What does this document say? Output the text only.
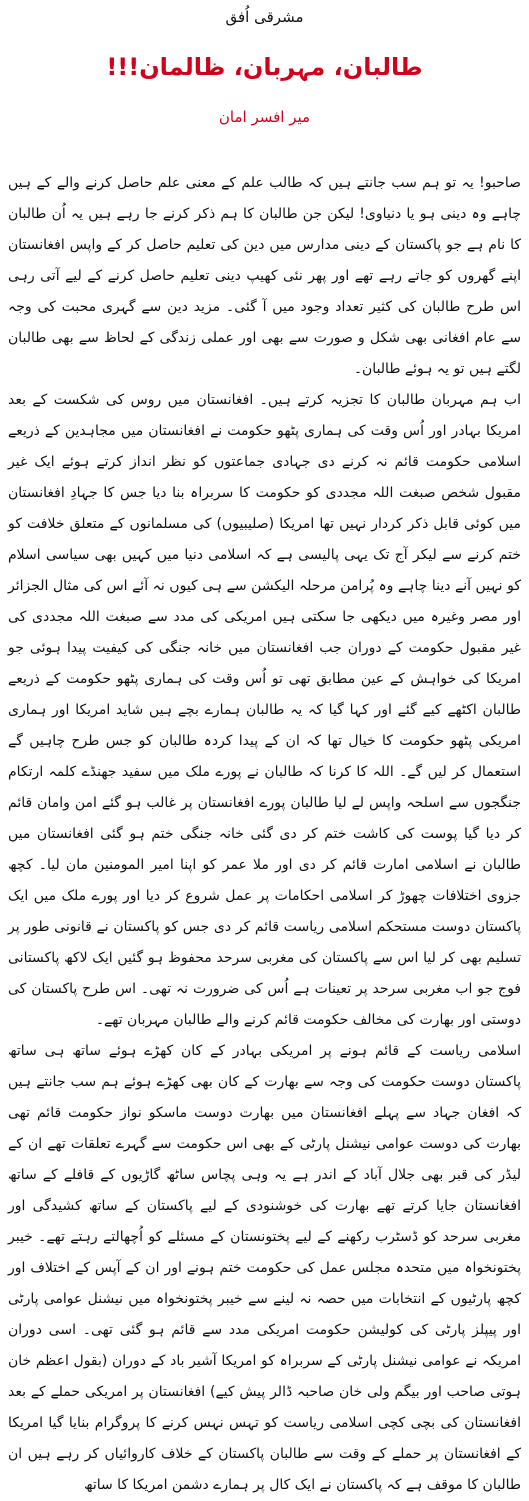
مشرقی اُفق
طالبان، مہربان، ظالمان!!!
میر افسر امان

صاحبو! یہ تو ہم سب جانتے ہیں کہ طالب علم کے معنی علم حاصل کرنے والے کے ہیں چاہے وہ دینی ہو یا دنیاوی! لیکن جن طالبان کا ہم ذکر کرنے جا رہے ہیں یہ اُن طالبان کا نام ہے جو پاکستان کے دینی مدارس میں دین کی تعلیم حاصل کر کے واپس افغانستان اپنے گھروں کو جاتے رہے تھے اور پھر نئی کھیپ دینی تعلیم حاصل کرنے کے لیے آتی رہی اس طرح طالبان کی کثیر تعداد وجود میں آ گئی۔ مزید دین سے گہری محبت کی وجہ سے عام افغانی بھی شکل و صورت سے بھی اور عملی زندگی کے لحاظ سے بھی طالبان لگتے ہیں تو یہ ہوئے طالبان۔

اب ہم مہربان طالبان کا تجزیہ کرتے ہیں۔ افغانستان میں روس کی شکست کے بعد امریکا بہادر اور اُس وقت کی ہماری پٹھو حکومت نے افغانستان میں مجاہدین کے ذریعے اسلامی حکومت قائم نہ کرنے دی جہادی جماعتوں کو نظر انداز کرتے ہوئے ایک غیر مقبول شخص صبغت اللہ مجددی کو حکومت کا سربراہ بنا دیا جس کا جہادِ افغانستان میں کوئی قابل ذکر کردار نہیں تھا امریکا (صلیبیوں) کی مسلمانوں کے متعلق خلافت کو ختم کرنے سے لیکر آج تک یہی پالیسی ہے کہ اسلامی دنیا میں کہیں بھی سیاسی اسلام کو نہیں آنے دینا چاہے وہ پُرامن مرحلہ الیکشن سے ہی کیوں نہ آئے اس کی مثال الجزائر اور مصر وغیرہ میں دیکھی جا سکتی ہیں امریکی کی مدد سے صبغت اللہ مجددی کی غیر مقبول حکومت کے دوران جب افغانستان میں خانہ جنگی کی کیفیت پیدا ہوئی جو امریکا کی خواہش کے عین مطابق تھی تو اُس وقت کی ہماری پٹھو حکومت کے ذریعے طالبان اکٹھے کیے گئے اور کہا گیا کہ یہ طالبان ہمارے بچے ہیں شاید امریکا اور ہماری امریکی پٹھو حکومت کا خیال تھا کہ ان کے پیدا کردہ طالبان کو جس طرح چاہیں گے استعمال کر لیں گے۔ اللہ کا کرنا کہ طالبان نے پورے ملک میں سفید جھنڈے کلمہ ارتکام جنگجوں سے اسلحہ واپس لے لیا طالبان پورے افغانستان پر غالب ہو گئے امن وامان قائم کر دیا گیا پوست کی کاشت ختم کر دی گئی خانہ جنگی ختم ہو گئی افغانستان میں طالبان نے اسلامی امارت قائم کر دی اور ملا عمر کو اپنا امیر المومنین مان لیا۔ کچھ جزوی اختلافات چھوڑ کر اسلامی احکامات پر عمل شروع کر دیا اور پورے ملک میں ایک پاکستان دوست مستحکم اسلامی ریاست قائم کر دی جس کو پاکستان نے قانونی طور پر تسلیم بھی کر لیا اس سے پاکستان کی مغربی سرحد محفوظ ہو گئیں ایک لاکھ پاکستانی فوج جو اب مغربی سرحد پر تعینات ہے اُس کی ضرورت نہ تھی۔ اس طرح پاکستان کی دوستی اور بھارت کی مخالف حکومت قائم کرنے والے طالبان مہربان تھے۔

اسلامی ریاست کے قائم ہونے پر امریکی بہادر کے کان کھڑے ہوئے ساتھ ہی ساتھ پاکستان دوست حکومت کی وجہ سے بھارت کے کان بھی کھڑے ہوئے ہم سب جانتے ہیں کہ افغان جہاد سے پہلے افغانستان میں بھارت دوست ماسکو نواز حکومت قائم تھی بھارت کی دوست عوامی نیشنل پارٹی کے بھی اس حکومت سے گہرے تعلقات تھے ان کے لیڈر کی قبر بھی جلال آباد کے اندر ہے یہ وہی پچاس ساٹھ گاڑیوں کے قافلے کے ساتھ افغانستان جایا کرتے تھے بھارت کی خوشنودی کے لیے پاکستان کے ساتھ کشیدگی اور مغربی سرحد کو ڈسٹرب رکھنے کے لیے پختونستان کے مسئلے کو اُچھالتے رہتے تھے۔ خیبر پختونخواہ میں متحدہ مجلس عمل کی حکومت ختم ہونے اور ان کے آپس کے اختلاف اور کچھ پارٹیوں کے انتخابات میں حصہ نہ لینے سے خیبر پختونخواہ میں نیشنل عوامی پارٹی اور پیپلز پارٹی کی کولیشن حکومت امریکی مدد سے قائم ہو گئی تھی۔ اسی دوران امریکہ نے عوامی نیشنل پارٹی کے سربراہ کو امریکا آشیر باد کے دوران (بقول اعظم خان ہوتی صاحب اور بیگم ولی خان صاحبہ ڈالر پیش کیے) افغانستان پر امریکی حملے کے بعد افغانستان کی بچی کچی اسلامی ریاست کو تہس نہس کرنے کا پروگرام بنایا گیا امریکا کے افغانستان پر حملے کے وقت سے طالبان پاکستان کے خلاف کاروائیاں کر رہے ہیں ان طالبان کا موقف ہے کہ پاکستان نے ایک کال پر ہمارے دشمن امریکا کا ساتھ
